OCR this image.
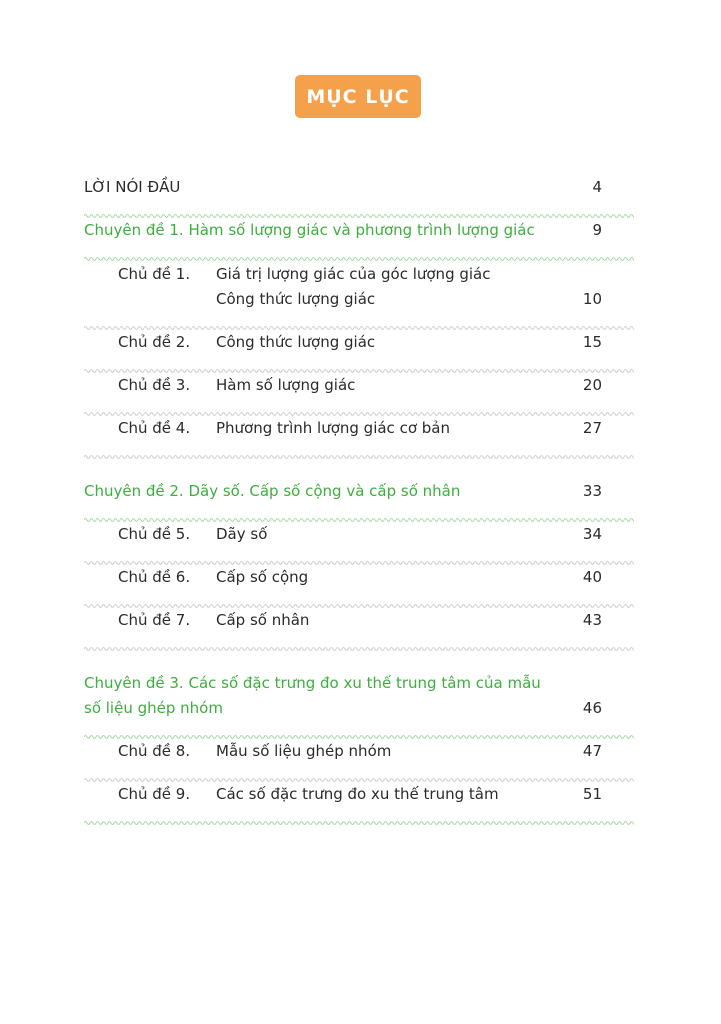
MỤC LỤC
LỜI NÓI ĐẦU	4
Chuyên đề 1. Hàm số lượng giác và phương trình lượng giác	9
Chủ đề 1. Giá trị lượng giác của góc lượng giác
Công thức lượng giác	10
Chủ đề 2. Công thức lượng giác	15
Chủ đề 3. Hàm số lượng giác	20
Chủ đề 4. Phương trình lượng giác cơ bản	27
Chuyên đề 2. Dãy số. Cấp số cộng và cấp số nhân	33
Chủ đề 5. Dãy số	34
Chủ đề 6. Cấp số cộng	40
Chủ đề 7. Cấp số nhân	43
Chuyên đề 3. Các số đặc trưng đo xu thế trung tâm của mẫu
số liệu ghép nhóm	46
Chủ đề 8. Mẫu số liệu ghép nhóm	47
Chủ đề 9. Các số đặc trưng đo xu thế trung tâm	51
